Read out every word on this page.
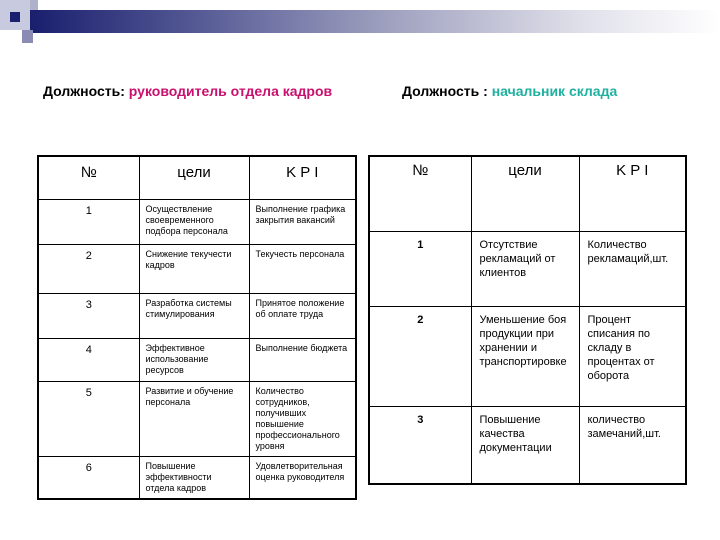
Должность: руководитель отдела кадров	Должность : начальник склада
№	цели	K P I
1	Осуществление своевременного подбора персонала	Выполнение графика закрытия вакансий
2	Снижение текучести кадров	Текучесть персонала
3	Разработка системы стимулирования	Принятое положение об оплате труда
4	Эффективное использование ресурсов	Выполнение бюджета
5	Развитие и обучение персонала	Количество сотрудников, получивших повышение профессионального уровня
6	Повышение эффективности отдела кадров	Удовлетворительная оценка руководителя
№	цели	K P I
1	Отсутствие рекламаций от клиентов	Количество рекламаций,шт.
2	Уменьшение боя продукции при хранении и транспортировке	Процент списания по складу в процентах от оборота
3	Повышение качества документации	количество замечаний,шт.
